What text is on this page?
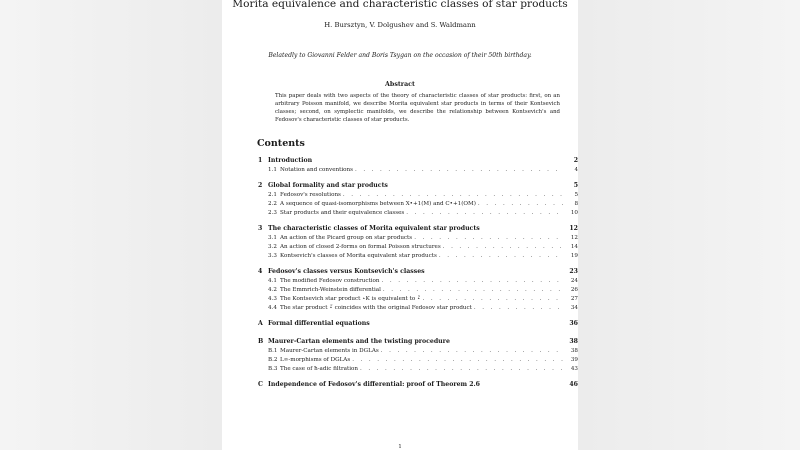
Morita equivalence and characteristic classes of star products
H. Bursztyn, V. Dolgushev and S. Waldmann
Belatedly to Giovanni Felder and Boris Tsygan on the occasion of their 50th birthday.
Abstract
This paper deals with two aspects of the theory of characteristic classes of star products: first, on an arbitrary Poisson manifold, we describe Morita equivalent star products in terms of their Kontsevich classes; second, on symplectic manifolds, we describe the relationship between Kontsevich's and Fedosov's characteristic classes of star products.
Contents
1 Introduction	2
1.1 Notation and conventions . . .	4
2 Global formality and star products	5
2.1 Fedosov's resolutions . . .	5
2.2 A sequence of quasi-isomorphisms between X•+1(M) and C•+1(OM) . . .	8
2.3 Star products and their equivalence classes . . .	10
3 The characteristic classes of Morita equivalent star products	12
3.1 An action of the Picard group on star products . . .	12
3.2 An action of closed 2-forms on formal Poisson structures . . .	14
3.3 Kontsevich's classes of Morita equivalent star products . . .	19
4 Fedosov's classes versus Kontsevich's classes	23
4.1 The modified Fedosov construction . . .	24
4.2 The Emmrich-Weinstein differential . . .	26
4.3 The Kontsevich star product ⋆K is equivalent to ⋆̃ . . .	27
4.4 The star product ⋆̃ coincides with the original Fedosov star product . . .	34
A Formal differential equations	36
B Maurer-Cartan elements and the twisting procedure	38
B.1 Maurer-Cartan elements in DGLAs . . .	38
B.2 L∞-morphisms of DGLAs . . .	39
B.3 The case of ħ-adic filtration . . .	43
C Independence of Fedosov's differential: proof of Theorem 2.6	46
1
